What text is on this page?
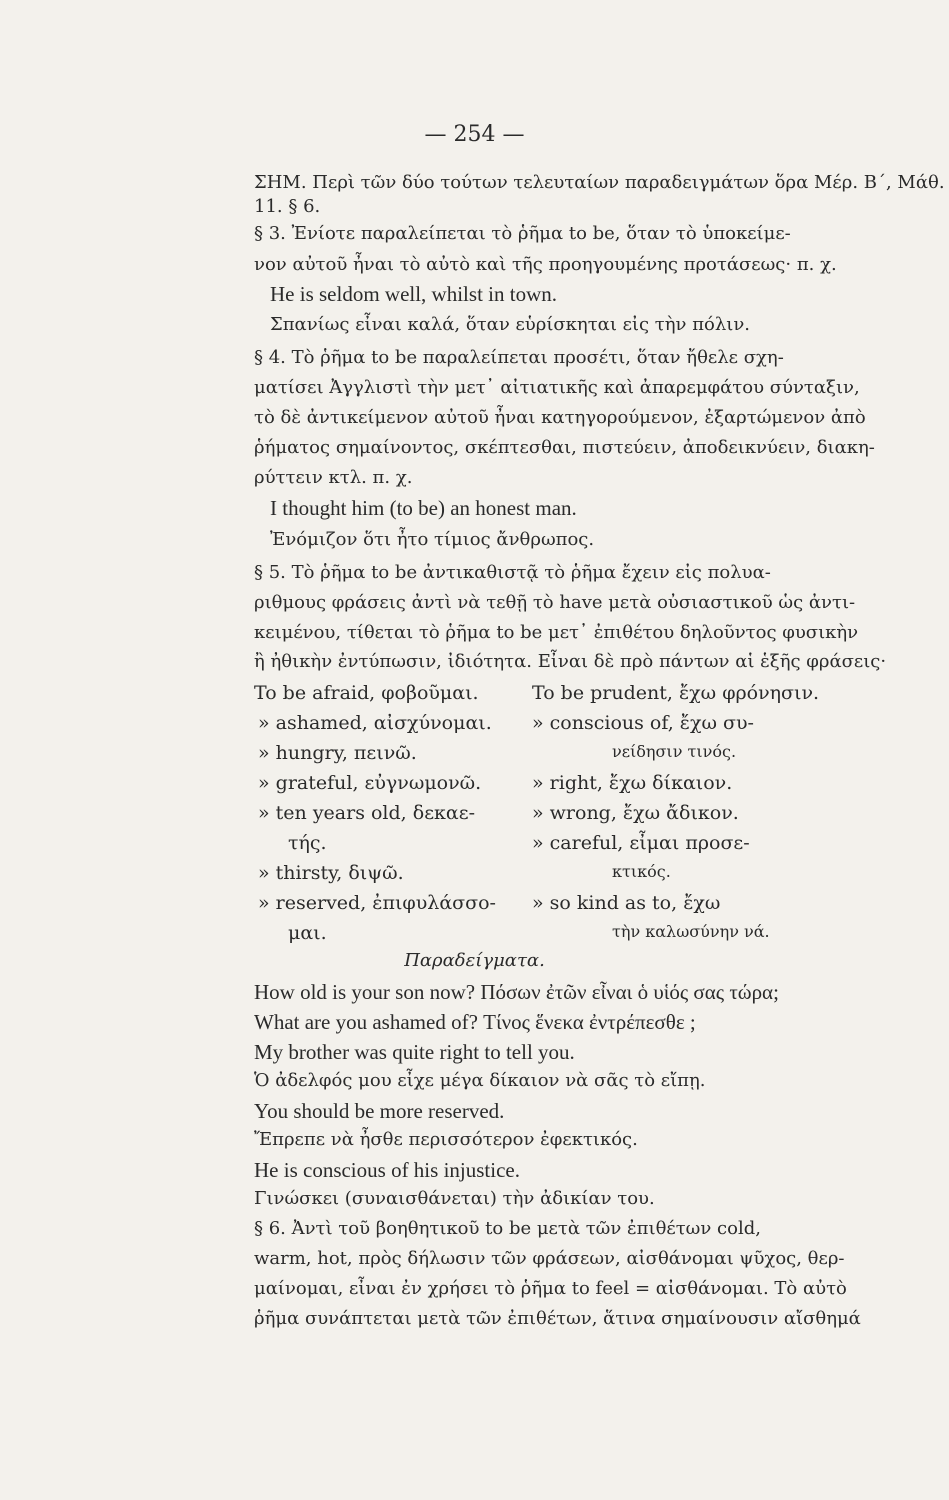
— 254 —
ΣΗΜ. Περὶ τῶν δύο τούτων τελευταίων παραδειγμάτων ὅρα Μέρ. Β΄, Μάθ.
11. § 6.
§ 3. Ἐνίοτε παραλείπεται τὸ ῥῆμα to be, ὅταν τὸ ὑποκείμε-
νον αὐτοῦ ἦναι τὸ αὐτὸ καὶ τῆς προηγουμένης προτάσεως· π. χ.
He is seldom well, whilst in town.
Σπανίως εἶναι καλά, ὅταν εὑρίσκηται εἰς τὴν πόλιν.
§ 4. Τὸ ῥῆμα to be παραλείπεται προσέτι, ὅταν ἤθελε σχη-
ματίσει Ἀγγλιστὶ τὴν μετ᾽ αἰτιατικῆς καὶ ἀπαρεμφάτου σύνταξιν,
τὸ δὲ ἀντικείμενον αὐτοῦ ἦναι κατηγορούμενον, ἐξαρτώμενον ἀπὸ
ῥήματος σημαίνοντος, σκέπτεσθαι, πιστεύειν, ἀποδεικνύειν, διακη-
ρύττειν κτλ. π. χ.
I thought him (to be) an honest man.
Ἐνόμιζον ὅτι ἦτο τίμιος ἄνθρωπος.
§ 5. Τὸ ῥῆμα to be ἀντικαθιστᾷ τὸ ῥῆμα ἔχειν εἰς πολυα-
ριθμους φράσεις ἀντὶ νὰ τεθῇ τὸ have μετὰ οὐσιαστικοῦ ὡς ἀντι-
κειμένου, τίθεται τὸ ῥῆμα to be μετ᾽ ἐπιθέτου δηλοῦντος φυσικὴν
ἢ ἠθικὴν ἐντύπωσιν, ἰδιότητα. Εἶναι δὲ πρὸ πάντων αἱ ἑξῆς φράσεις·
To be afraid, φοβοῦμαι.
» ashamed, αἰσχύνομαι.
» hungry, πεινῶ.
» grateful, εὐγνωμονῶ.
» ten years old, δεκαε-
τής.
» thirsty, διψῶ.
» reserved, ἐπιφυλάσσο-
μαι.
To be prudent, ἔχω φρόνησιν.
» conscious of, ἔχω συ-
νείδησιν τινός.
» right, ἔχω δίκαιον.
» wrong, ἔχω ἄδικον.
» careful, εἶμαι προσε-
κτικός.
» so kind as to, ἔχω
τὴν καλωσύνην νά.
Παραδείγματα.
How old is your son now? Πόσων ἐτῶν εἶναι ὁ υἱός σας τώρα;
What are you ashamed of? Τίνος ἕνεκα ἐντρέπεσθε ;
My brother was quite right to tell you.
Ὁ ἀδελφός μου εἶχε μέγα δίκαιον νὰ σᾶς τὸ εἴπῃ.
You should be more reserved.
Ἔπρεπε νὰ ἦσθε περισσότερον ἐφεκτικός.
He is conscious of his injustice.
Γινώσκει (συναισθάνεται) τὴν ἀδικίαν του.
§ 6. Ἀντὶ τοῦ βοηθητικοῦ to be μετὰ τῶν ἐπιθέτων cold,
warm, hot, πρὸς δήλωσιν τῶν φράσεων, αἰσθάνομαι ψῦχος, θερ-
μαίνομαι, εἶναι ἐν χρήσει τὸ ῥῆμα to feel = αἰσθάνομαι. Τὸ αὐτὸ
ῥῆμα συνάπτεται μετὰ τῶν ἐπιθέτων, ἅτινα σημαίνουσιν αἴσθημά
